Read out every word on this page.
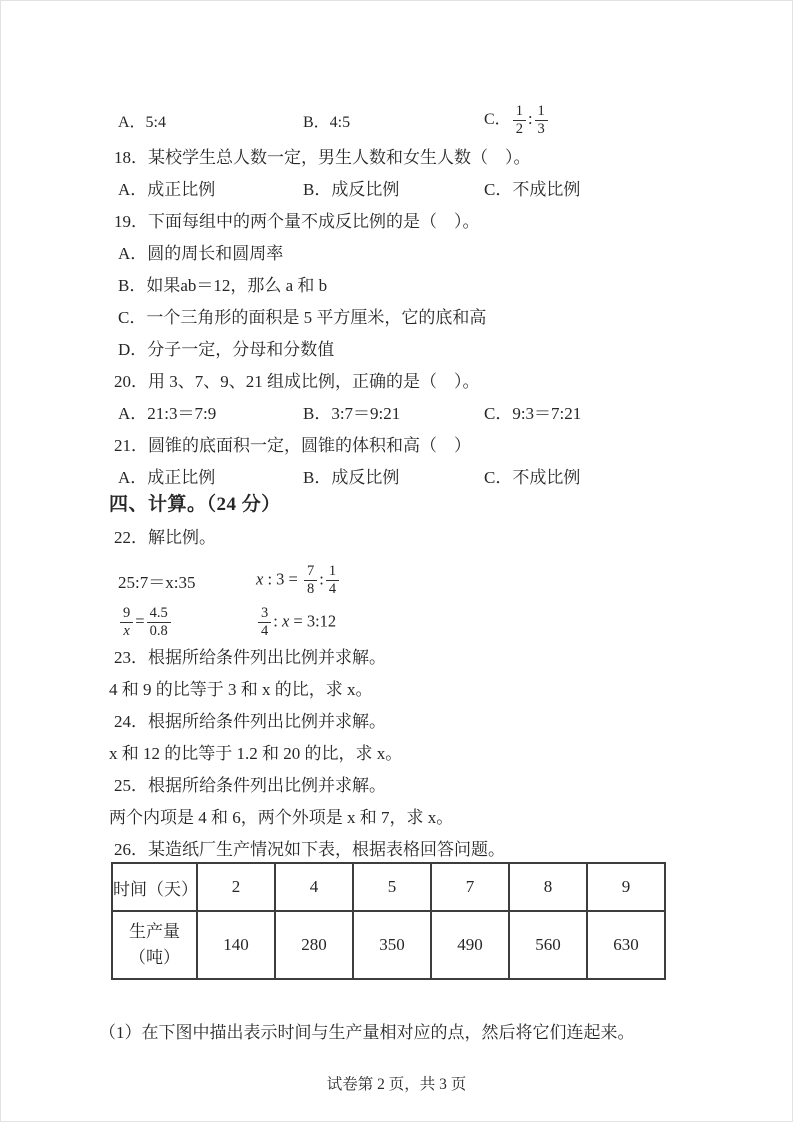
A．5:4	B．4:5	C． $\frac{1}{2}$ : $\frac{1}{3}$

18．某校学生总人数一定，男生人数和女生人数（　）。

A．成正比例	B．成反比例	C．不成比例

19．下面每组中的两个量不成反比例的是（　）。

A．圆的周长和圆周率

B．如果ab＝12，那么 a 和 b

C．一个三角形的面积是 5 平方厘米，它的底和高

D．分子一定，分母和分数值

20．用 3、7、9、21 组成比例，正确的是（　）。

A．21:3＝7:9	B．3:7＝9:21	C．9:3＝7:21

21．圆锥的底面积一定，圆锥的体积和高（　）

A．成正比例	B．成反比例	C．不成比例
四、计算。（24 分）

22．解比例。

25:7＝x:35	x : $3 = \frac{7}{8}$ : $\frac{1}{4}$
$\frac{9}{x} = \frac{4.5}{0.8}$	$\frac{3}{4}$ : x = 3:12

23．根据所给条件列出比例并求解。

4 和 9 的比等于 3 和 x 的比，求 x。

24．根据所给条件列出比例并求解。

x 和 12 的比等于 1.2 和 20 的比，求 x。

25．根据所给条件列出比例并求解。

两个内项是 4 和 6，两个外项是 x 和 7，求 x。

26．某造纸厂生产情况如下表，根据表格回答问题。

时间（天）	2	4	5	7	8	9

生产量
（吨）	140	280	350	490	560	630

（1）在下图中描出表示时间与生产量相对应的点，然后将它们连起来。

试卷第 2 页，共 3 页
